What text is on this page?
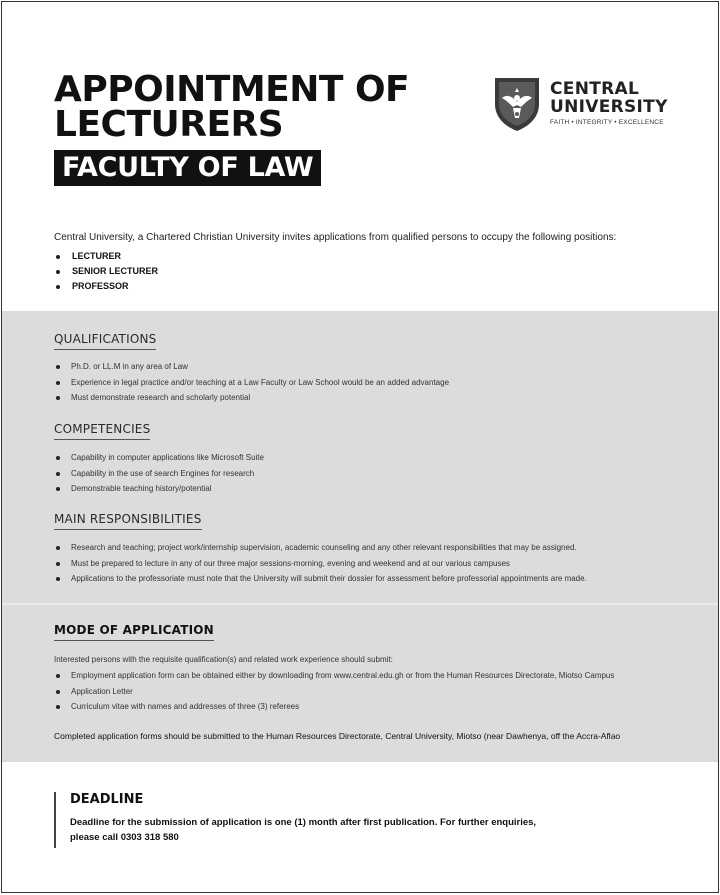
APPOINTMENT OF
LECTURERS
FACULTY OF LAW
CENTRAL
UNIVERSITY
FAITH • INTEGRITY • EXCELLENCE

Central University, a Chartered Christian University invites applications from qualified persons to occupy the following positions:

LECTURER
SENIOR LECTURER
PROFESSOR
QUALIFICATIONS
Ph.D. or LL.M in any area of Law
Experience in legal practice and/or teaching at a Law Faculty or Law School would be an added advantage
Must demonstrate research and scholarly potential
COMPETENCIES
Capability in computer applications like Microsoft Suite
Capability in the use of search Engines for research
Demonstrable teaching history/potential
MAIN RESPONSIBILITIES
Research and teaching; project work/internship supervision, academic counseling and any other relevant responsibilities that may be assigned.
Must be prepared to lecture in any of our three major sessions-morning, evening and weekend and at our various campuses
Applications to the professoriate must note that the University will submit their dossier for assessment before professorial appointments are made.
MODE OF APPLICATION

Interested persons with the requisite qualification(s) and related work experience should submit:

Employment application form can be obtained either by downloading from www.central.edu.gh or from the Human Resources Directorate, Miotso Campus
Application Letter
Curriculum vitae with names and addresses of three (3) referees

Completed application forms should be submitted to the Human Resources Directorate, Central University, Miotso (near Dawhenya, off the Accra-Aflao

DEADLINE

Deadline for the submission of application is one (1) month after first publication. For further enquiries,
please call 0303 318 580
